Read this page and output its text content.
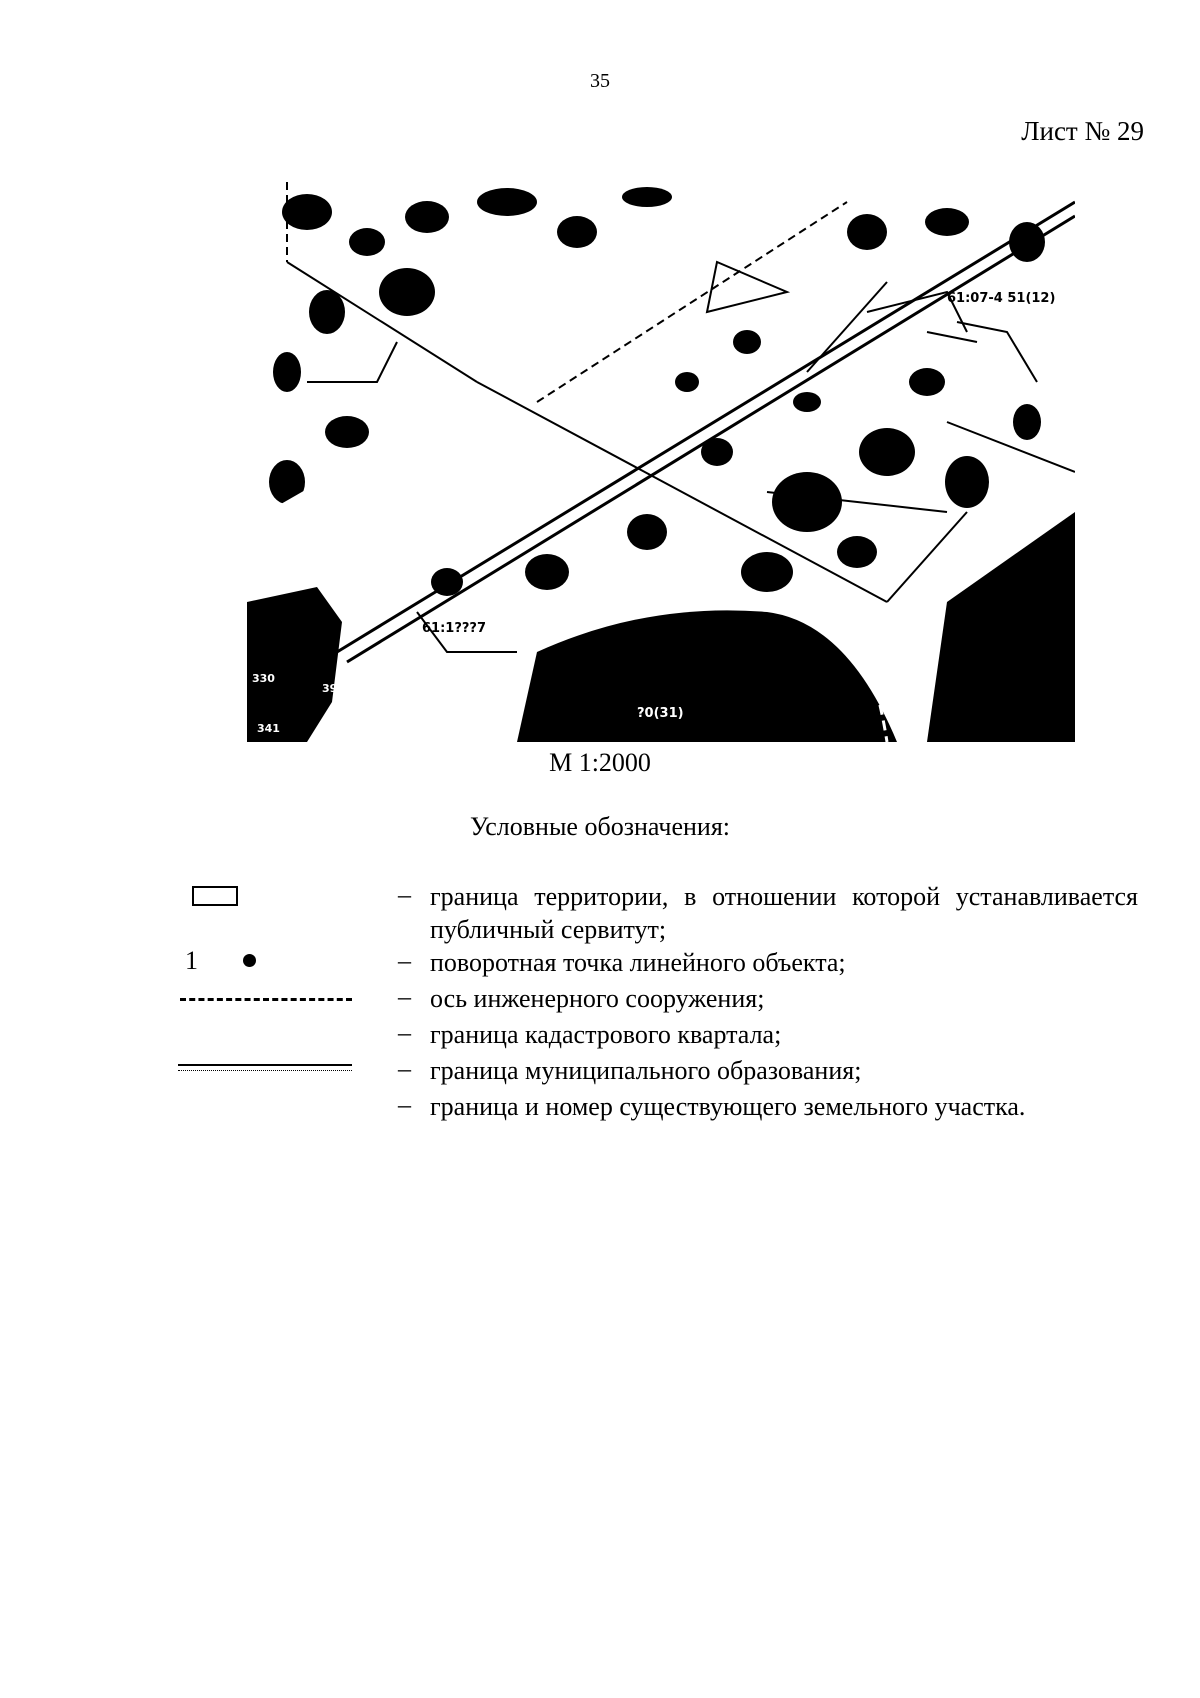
35
Лист № 29
61:07-4 51(12)
61:1???7
?0(31)
330
393
341
М 1:2000
Условные обозначения:
– граница территории, в отношении которой устанавливается публичный сервитут;
1	– поворотная точка линейного объекта;
– ось инженерного сооружения;
– граница кадастрового квартала;
– граница муниципального образования;
– граница и номер существующего земельного участка.
